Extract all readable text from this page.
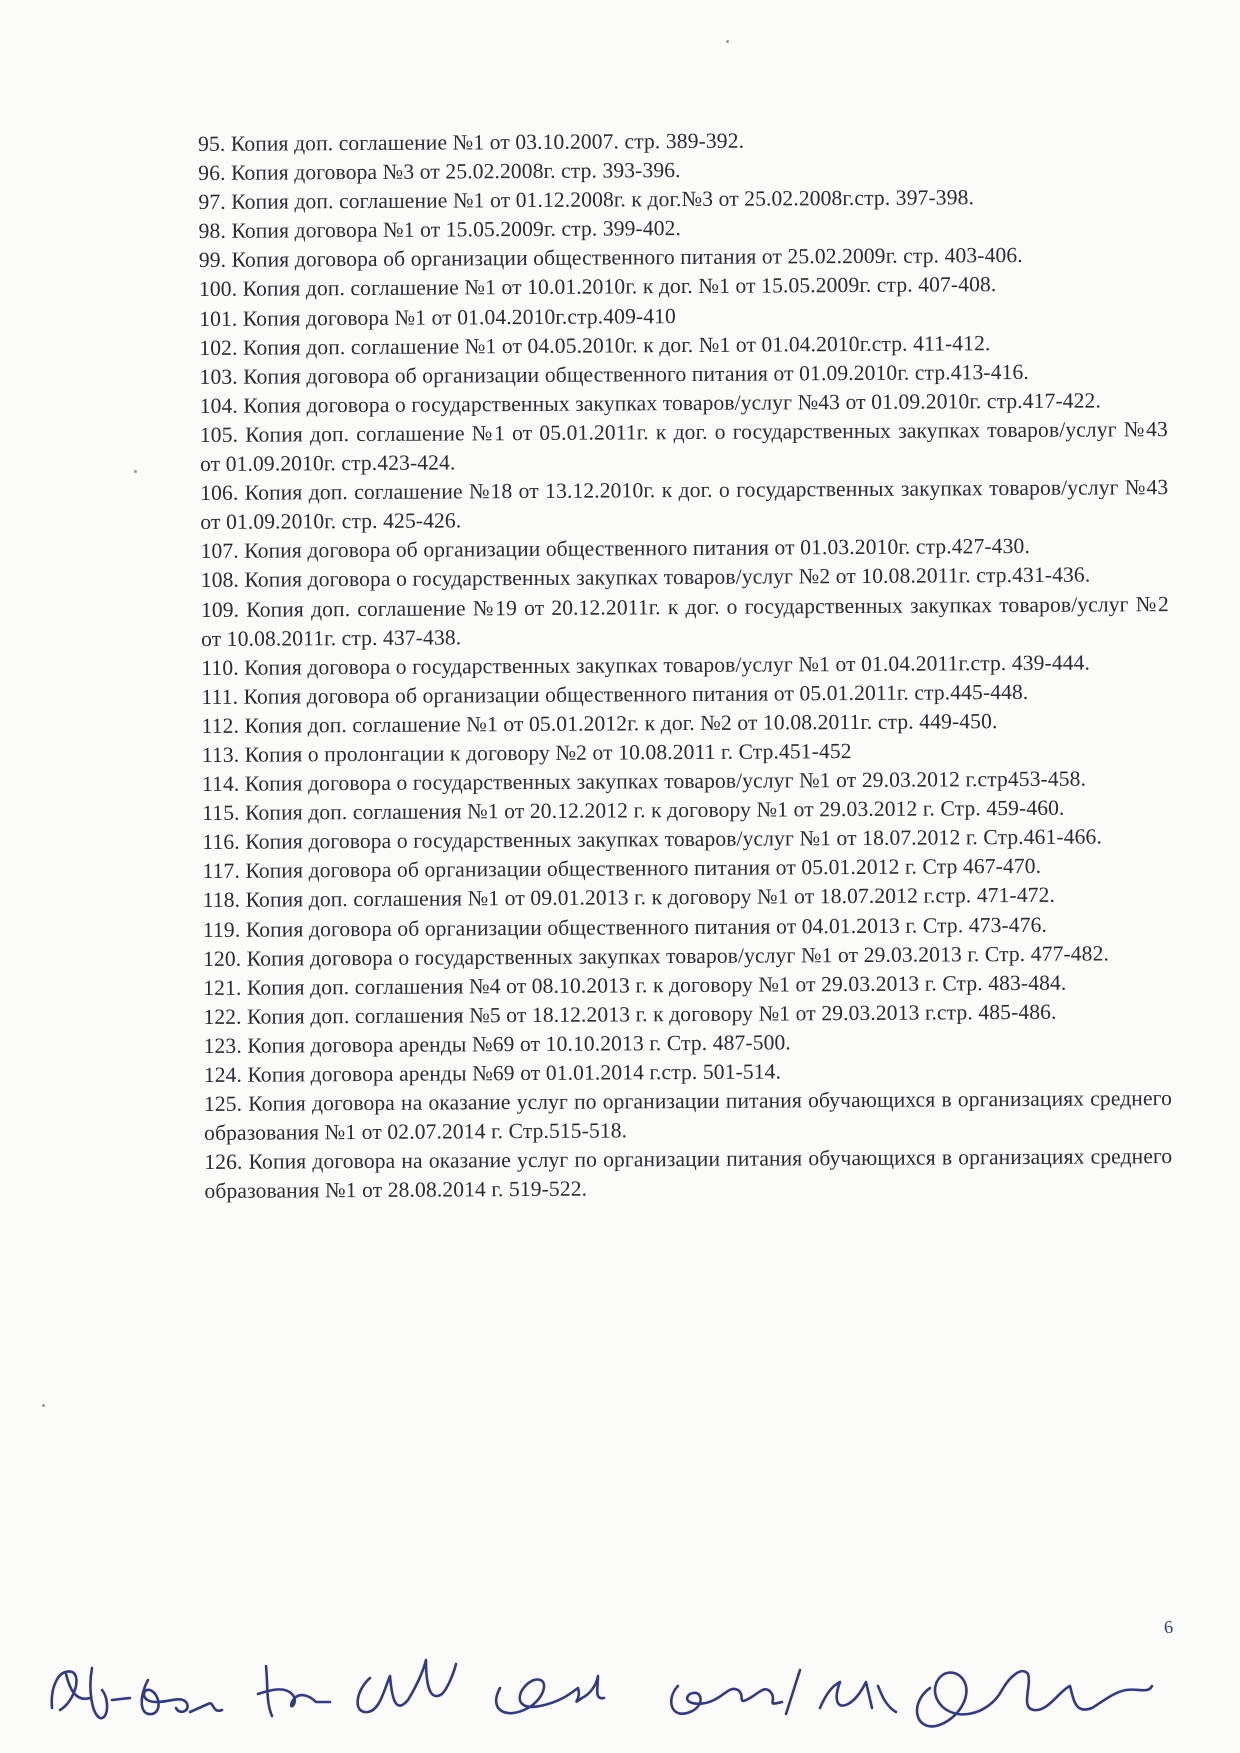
95. Копия доп. соглашение №1 от 03.10.2007. стр. 389-392.
96. Копия договора №3 от 25.02.2008г. стр. 393-396.
97. Копия доп. соглашение №1 от 01.12.2008г. к дог.№3 от 25.02.2008г.стр. 397-398.
98. Копия договора №1 от 15.05.2009г. стр. 399-402.
99. Копия договора об организации общественного питания от 25.02.2009г. стр. 403-406.
100. Копия доп. соглашение №1 от 10.01.2010г. к дог. №1 от 15.05.2009г. стр. 407-408.
101. Копия договора №1 от 01.04.2010г.стр.409-410
102. Копия доп. соглашение №1 от 04.05.2010г. к дог. №1 от 01.04.2010г.стр. 411-412.
103. Копия договора об организации общественного питания от 01.09.2010г. стр.413-416.
104. Копия договора о государственных закупках товаров/услуг №43 от 01.09.2010г. стр.417-422.
105. Копия доп. соглашение №1 от 05.01.2011г. к дог. о государственных закупках товаров/услуг №43 от 01.09.2010г. стр.423-424.
106. Копия доп. соглашение №18 от 13.12.2010г. к дог. о государственных закупках товаров/услуг №43 от 01.09.2010г. стр. 425-426.
107. Копия договора об организации общественного питания от 01.03.2010г. стр.427-430.
108. Копия договора о государственных закупках товаров/услуг №2 от 10.08.2011г. стр.431-436.
109. Копия доп. соглашение №19 от 20.12.2011г. к дог. о государственных закупках товаров/услуг №2 от 10.08.2011г. стр. 437-438.
110. Копия договора о государственных закупках товаров/услуг №1 от 01.04.2011г.стр. 439-444.
111. Копия договора об организации общественного питания от 05.01.2011г. стр.445-448.
112. Копия доп. соглашение №1 от 05.01.2012г. к дог. №2 от 10.08.2011г. стр. 449-450.
113. Копия о пролонгации к договору №2 от 10.08.2011 г. Стр.451-452
114. Копия договора о государственных закупках товаров/услуг №1 от 29.03.2012 г.стр453-458.
115. Копия доп. соглашения №1 от 20.12.2012 г. к договору №1 от 29.03.2012 г. Стр. 459-460.
116. Копия договора о государственных закупках товаров/услуг №1 от 18.07.2012 г. Стр.461-466.
117. Копия договора об организации общественного питания от 05.01.2012 г. Стр 467-470.
118. Копия доп. соглашения №1 от 09.01.2013 г. к договору №1 от 18.07.2012 г.стр. 471-472.
119. Копия договора об организации общественного питания от 04.01.2013 г. Стр. 473-476.
120. Копия договора о государственных закупках товаров/услуг №1 от 29.03.2013 г. Стр. 477-482.
121. Копия доп. соглашения №4 от 08.10.2013 г. к договору №1 от 29.03.2013 г. Стр. 483-484.
122. Копия доп. соглашения №5 от 18.12.2013 г. к договору №1 от 29.03.2013 г.стр. 485-486.
123. Копия договора аренды №69 от 10.10.2013 г. Стр. 487-500.
124. Копия договора аренды №69 от 01.01.2014 г.стр. 501-514.
125. Копия договора на оказание услуг по организации питания обучающихся в организациях среднего образования №1 от 02.07.2014 г. Стр.515-518.
126. Копия договора на оказание услуг по организации питания обучающихся в организациях среднего образования №1 от 28.08.2014 г. 519-522.
6
